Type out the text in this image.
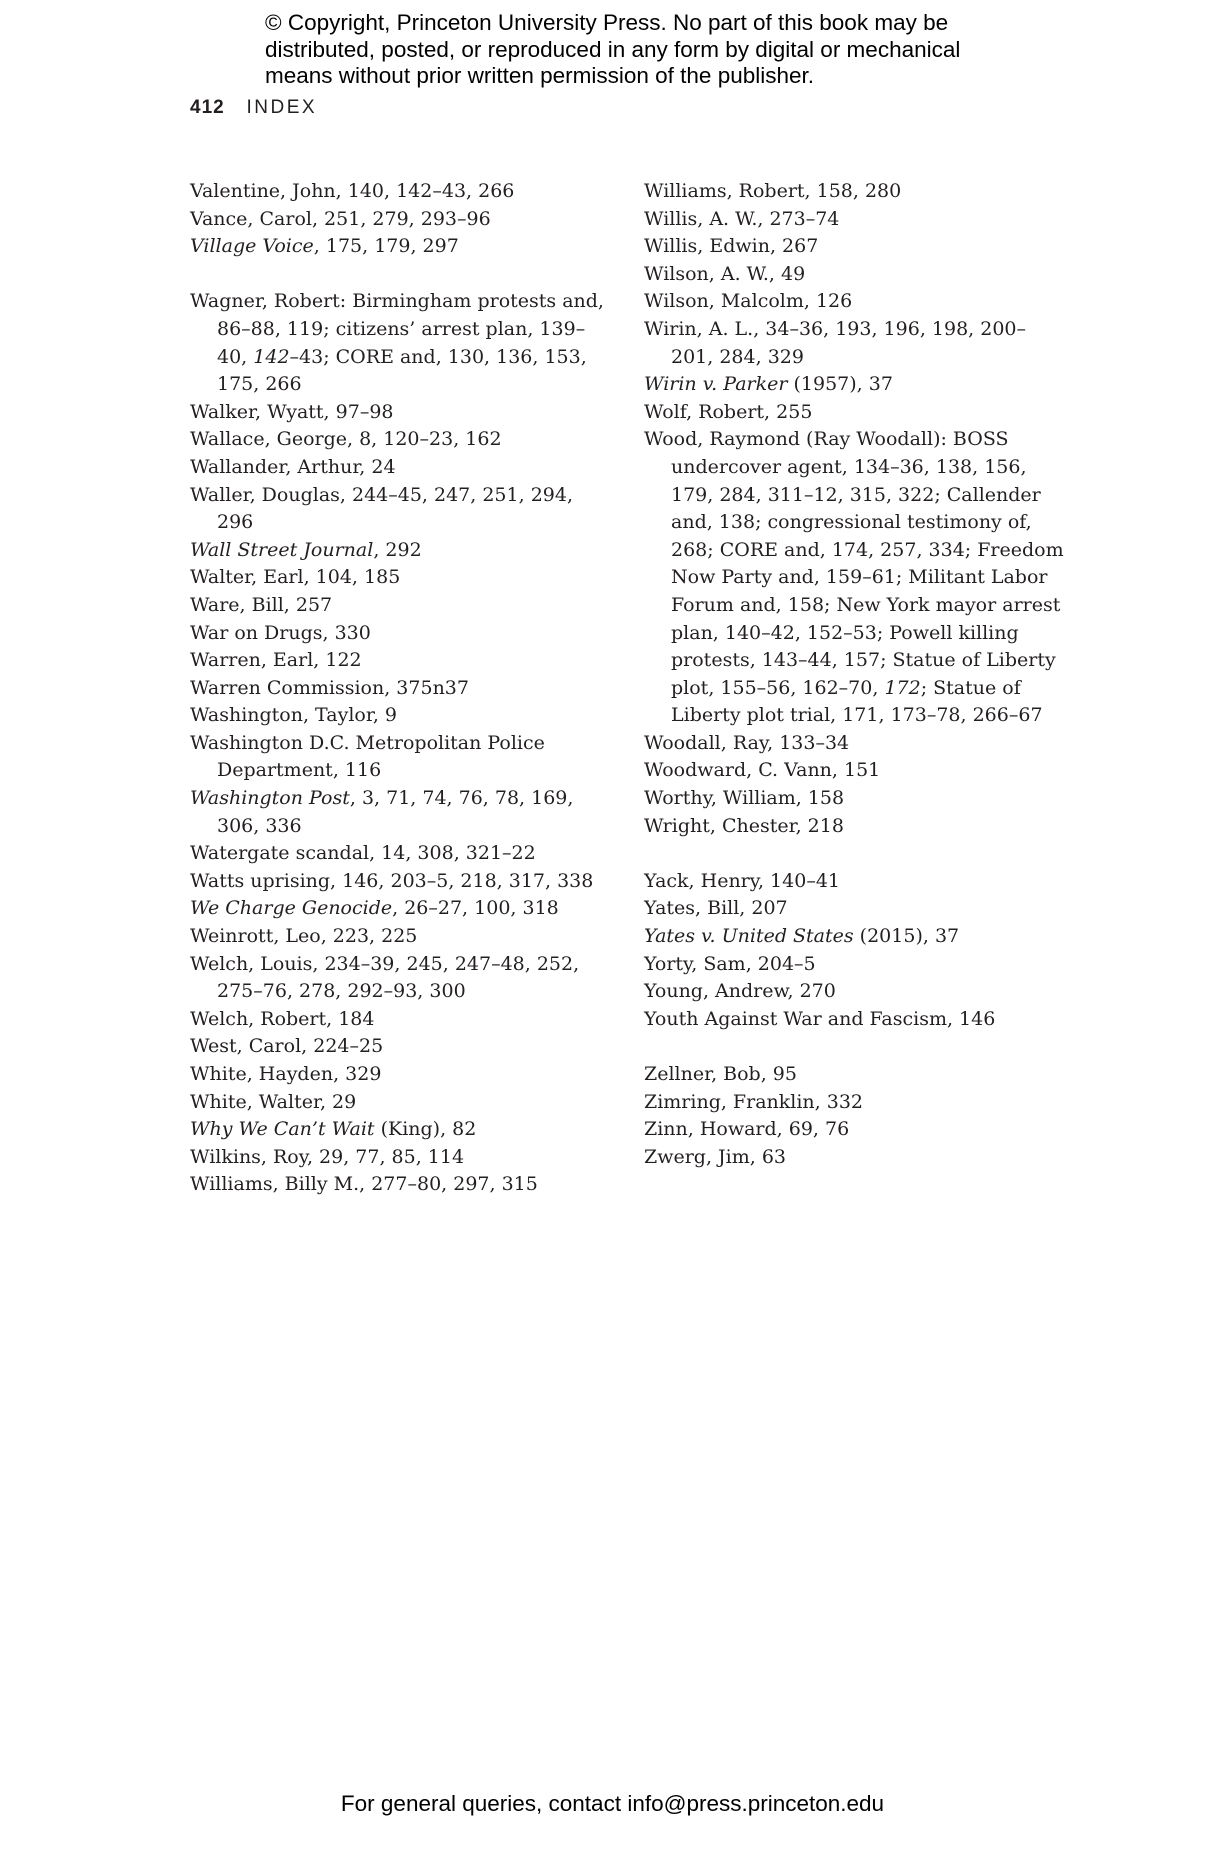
© Copyright, Princeton University Press. No part of this book may be
distributed, posted, or reproduced in any form by digital or mechanical
means without prior written permission of the publisher.
412 INDEX
Valentine, John, 140, 142–43, 266
Vance, Carol, 251, 279, 293–96
Village Voice, 175, 179, 297
Wagner, Robert: Birmingham protests and, 86–88, 119; citizens’ arrest plan, 139–40, 142–43; CORE and, 130, 136, 153, 175, 266
Walker, Wyatt, 97–98
Wallace, George, 8, 120–23, 162
Wallander, Arthur, 24
Waller, Douglas, 244–45, 247, 251, 294, 296
Wall Street Journal, 292
Walter, Earl, 104, 185
Ware, Bill, 257
War on Drugs, 330
Warren, Earl, 122
Warren Commission, 375n37
Washington, Taylor, 9
Washington D.C. Metropolitan Police Department, 116
Washington Post, 3, 71, 74, 76, 78, 169, 306, 336
Watergate scandal, 14, 308, 321–22
Watts uprising, 146, 203–5, 218, 317, 338
We Charge Genocide, 26–27, 100, 318
Weinrott, Leo, 223, 225
Welch, Louis, 234–39, 245, 247–48, 252, 275–76, 278, 292–93, 300
Welch, Robert, 184
West, Carol, 224–25
White, Hayden, 329
White, Walter, 29
Why We Can’t Wait (King), 82
Wilkins, Roy, 29, 77, 85, 114
Williams, Billy M., 277–80, 297, 315
Williams, Robert, 158, 280
Willis, A. W., 273–74
Willis, Edwin, 267
Wilson, A. W., 49
Wilson, Malcolm, 126
Wirin, A. L., 34–36, 193, 196, 198, 200–201, 284, 329
Wirin v. Parker (1957), 37
Wolf, Robert, 255
Wood, Raymond (Ray Woodall): BOSS undercover agent, 134–36, 138, 156, 179, 284, 311–12, 315, 322; Callender and, 138; congressional testimony of, 268; CORE and, 174, 257, 334; Freedom Now Party and, 159–61; Militant Labor Forum and, 158; New York mayor arrest plan, 140–42, 152–53; Powell killing protests, 143–44, 157; Statue of Liberty plot, 155–56, 162–70, 172; Statue of Liberty plot trial, 171, 173–78, 266–67
Woodall, Ray, 133–34
Woodward, C. Vann, 151
Worthy, William, 158
Wright, Chester, 218
Yack, Henry, 140–41
Yates, Bill, 207
Yates v. United States (2015), 37
Yorty, Sam, 204–5
Young, Andrew, 270
Youth Against War and Fascism, 146
Zellner, Bob, 95
Zimring, Franklin, 332
Zinn, Howard, 69, 76
Zwerg, Jim, 63
For general queries, contact info@press.princeton.edu
